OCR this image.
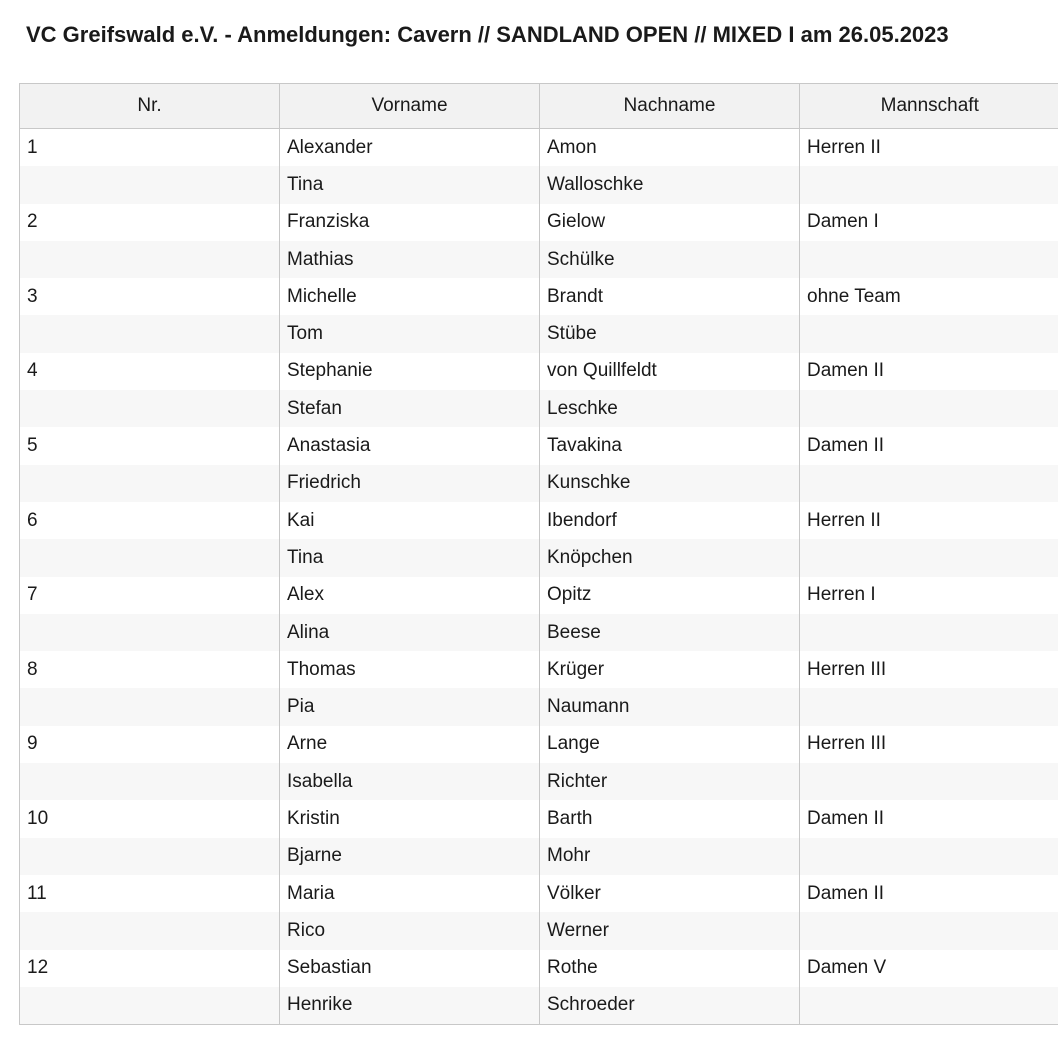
VC Greifswald e.V. - Anmeldungen: Cavern // SANDLAND OPEN // MIXED I am 26.05.2023
Nr.	Vorname	Nachname	Mannschaft
1	Alexander	Amon	Herren II
	Tina	Walloschke	
2	Franziska	Gielow	Damen I
	Mathias	Schülke	
3	Michelle	Brandt	ohne Team
	Tom	Stübe	
4	Stephanie	von Quillfeldt	Damen II
	Stefan	Leschke	
5	Anastasia	Tavakina	Damen II
	Friedrich	Kunschke	
6	Kai	Ibendorf	Herren II
	Tina	Knöpchen	
7	Alex	Opitz	Herren I
	Alina	Beese	
8	Thomas	Krüger	Herren III
	Pia	Naumann	
9	Arne	Lange	Herren III
	Isabella	Richter	
10	Kristin	Barth	Damen II
	Bjarne	Mohr	
11	Maria	Völker	Damen II
	Rico	Werner	
12	Sebastian	Rothe	Damen V
	Henrike	Schroeder	
